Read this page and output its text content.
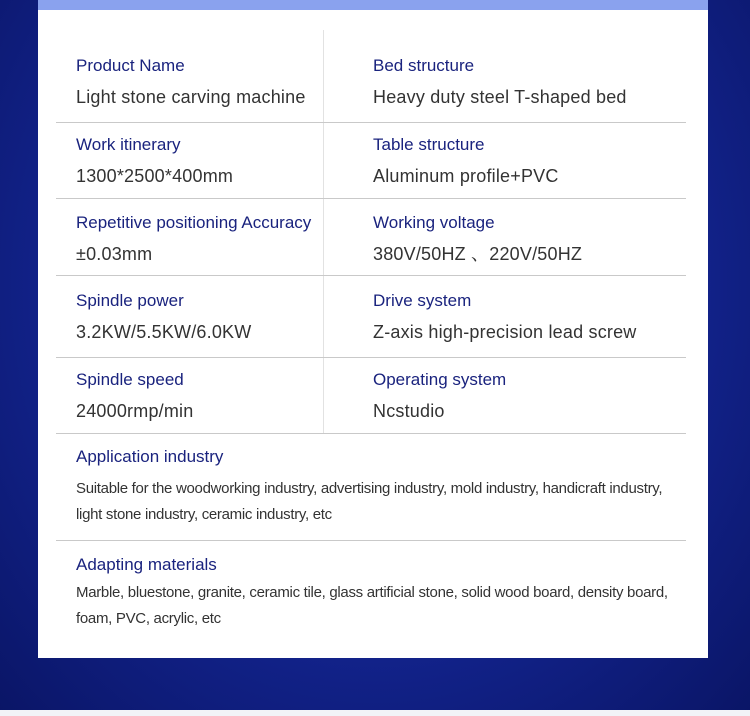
Product Name
Light stone carving machine
Bed structure
Heavy duty steel T-shaped bed
Work itinerary
1300*2500*400mm
Table structure
Aluminum profile+PVC
Repetitive positioning Accuracy
±0.03mm
Working voltage
380V/50HZ 、220V/50HZ
Spindle power
3.2KW/5.5KW/6.0KW
Drive system
Z-axis high-precision lead screw
Spindle speed
24000rmp/min
Operating system
Ncstudio
Application industry
Suitable for the woodworking industry, advertising industry, mold industry, handicraft industry, light stone industry, ceramic industry, etc
Adapting materials
Marble, bluestone, granite, ceramic tile, glass artificial stone, solid wood board, density board, foam, PVC, acrylic, etc
